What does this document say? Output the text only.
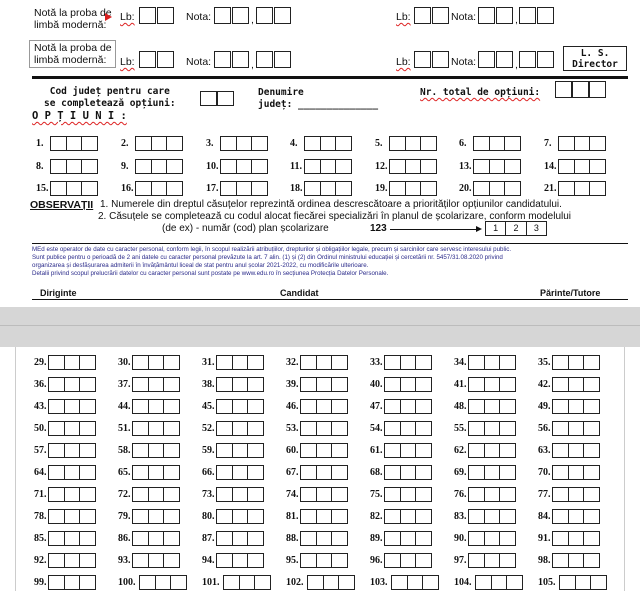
Notă la proba de
limbă modernă:
Lb:	Nota:	,	Lb:	Nota:	,
Notă la proba de
limbă modernă:	Lb:	Nota:	,	Lb:	Nota:	,
L. S.
Director
Cod județ pentru care
se completează opțiuni:
Denumire
județ: ______________
Nr. total de opțiuni:
O P Ț I U N I :
1.	2.	3.	4.	5.	6.	7.
8.	9.	10.	11.	12.	13.	14.
15.	16.	17.	18.	19.	20.	21.
OBSERVAȚII 1. Numerele din dreptul căsuțelor reprezintă ordinea descrescătoare a priorităților opțiunilor candidatului.
2. Căsuțele se completează cu codul alocat fiecărei specializări în planul de școlarizare, conform modelului
(de ex) - număr (cod) plan școlarizare	123	1	2	3
MEd este operator de date cu caracter personal, conform legii, în scopul realizării atribuțiilor, drepturilor și obligațiilor legale, precum și sarcinilor care servesc interesului public.
Sunt publice pentru o perioadă de 2 ani datele cu caracter personal prevăzute la art. 7 alin. (1) și (2) din Ordinul ministrului educației și cercetării nr. 5457/31.08.2020 privind
organizarea și desfășurarea admiterii în învățământul liceal de stat pentru anul școlar 2021-2022, cu modificările ulterioare.
Detalii privind scopul prelucrării datelor cu caracter personal sunt postate pe www.edu.ro în secțiunea Protecția Datelor Personale.
Diriginte	Candidat	Părinte/Tutore
29.	30.	31.	32.	33.	34.	35.
36.	37.	38.	39.	40.	41.	42.
43.	44.	45.	46.	47.	48.	49.
50.	51.	52.	53.	54.	55.	56.
57.	58.	59.	60.	61.	62.	63.
64.	65.	66.	67.	68.	69.	70.
71.	72.	73.	74.	75.	76.	77.
78.	79.	80.	81.	82.	83.	84.
85.	86.	87.	88.	89.	90.	91.
92.	93.	94.	95.	96.	97.	98.
99.	100.	101.	102.	103.	104.	105.
